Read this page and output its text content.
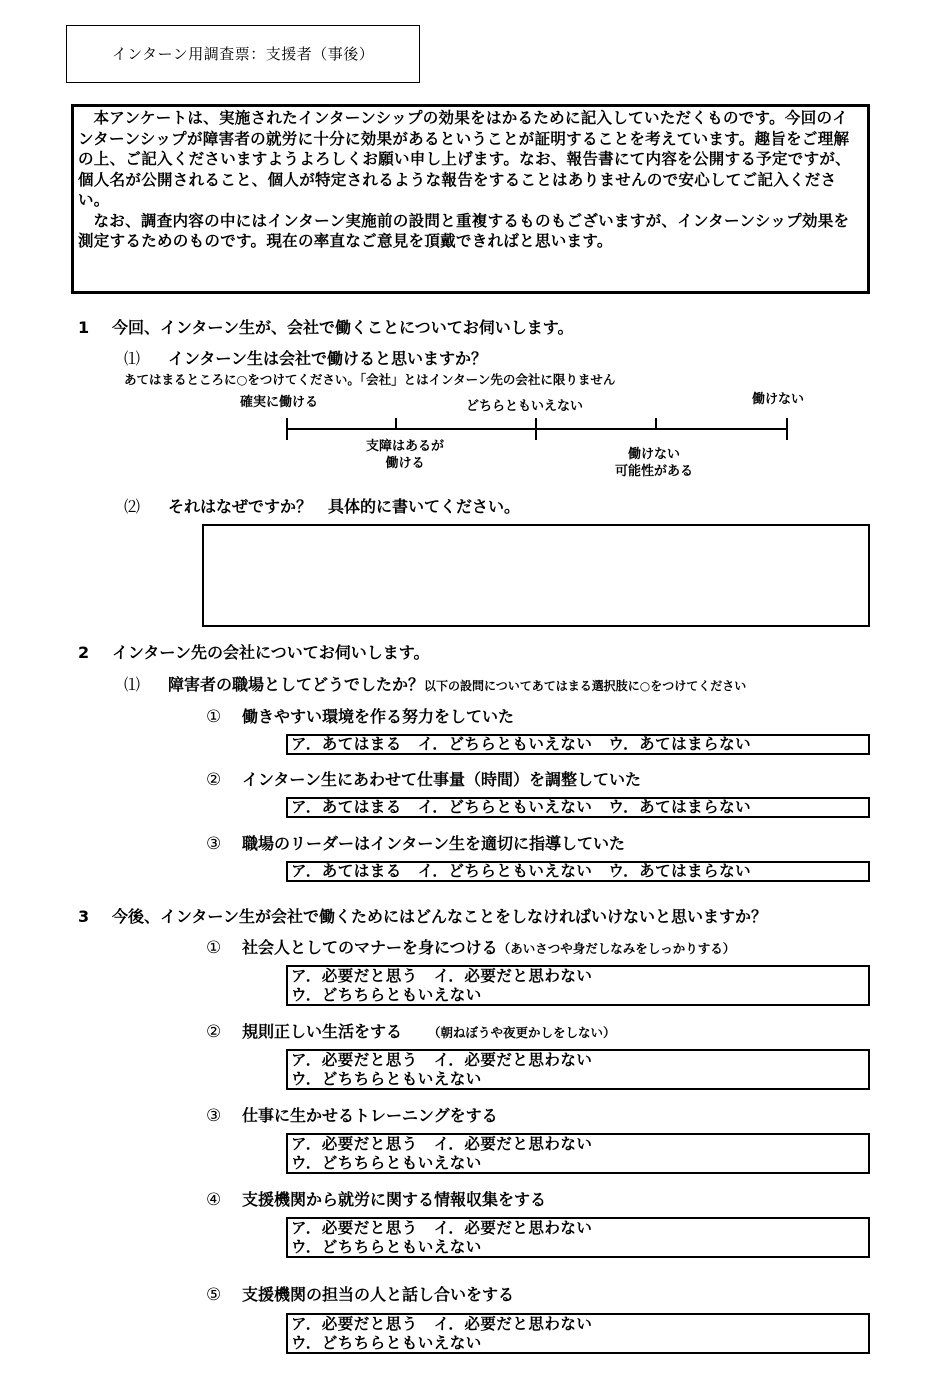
インターン用調査票：支援者（事後）

本アンケートは、実施されたインターンシップの効果をはかるために記入していただくものです。今回のインターンシップが障害者の就労に十分に効果があるということが証明することを考えています。趣旨をご理解の上、ご記入くださいますようよろしくお願い申し上げます。なお、報告書にて内容を公開する予定ですが、個人名が公開されること、個人が特定されるような報告をすることはありませんので安心してご記入ください。

なお、調査内容の中にはインターン実施前の設問と重複するものもございますが、インターンシップ効果を測定するためのものです。現在の率直なご意見を頂戴できればと思います。

1 今回、インターン生が、会社で働くことについてお伺いします。
⑴ インターン生は会社で働けると思いますか？
あてはまるところに○をつけてください。「会社」とはインターン先の会社に限りません
確実に働ける	どちらともいえない	働けない
支障はあるが
働ける
働けない
可能性がある
⑵ それはなぜですか？　具体的に書いてください。
2 インターン先の会社についてお伺いします。
⑴ 障害者の職場としてどうでしたか？以下の設問についてあてはまる選択肢に○をつけてください
① 働きやすい環境を作る努力をしていた
ア．あてはまる　イ．どちらともいえない　ウ．あてはまらない
② インターン生にあわせて仕事量（時間）を調整していた
ア．あてはまる　イ．どちらともいえない　ウ．あてはまらない
③ 職場のリーダーはインターン生を適切に指導していた
ア．あてはまる　イ．どちらともいえない　ウ．あてはまらない
3 今後、インターン生が会社で働くためにはどんなことをしなければいけないと思いますか？
① 社会人としてのマナーを身につける（あいさつや身だしなみをしっかりする）
ア．必要だと思う　イ．必要だと思わない
ウ．どちちらともいえない
② 規則正しい生活をする （朝ねぼうや夜更かしをしない）
ア．必要だと思う　イ．必要だと思わない
ウ．どちちらともいえない
③ 仕事に生かせるトレーニングをする
ア．必要だと思う　イ．必要だと思わない
ウ．どちちらともいえない
④ 支援機関から就労に関する情報収集をする
ア．必要だと思う　イ．必要だと思わない
ウ．どちちらともいえない
⑤ 支援機関の担当の人と話し合いをする
ア．必要だと思う　イ．必要だと思わない
ウ．どちちらともいえない
